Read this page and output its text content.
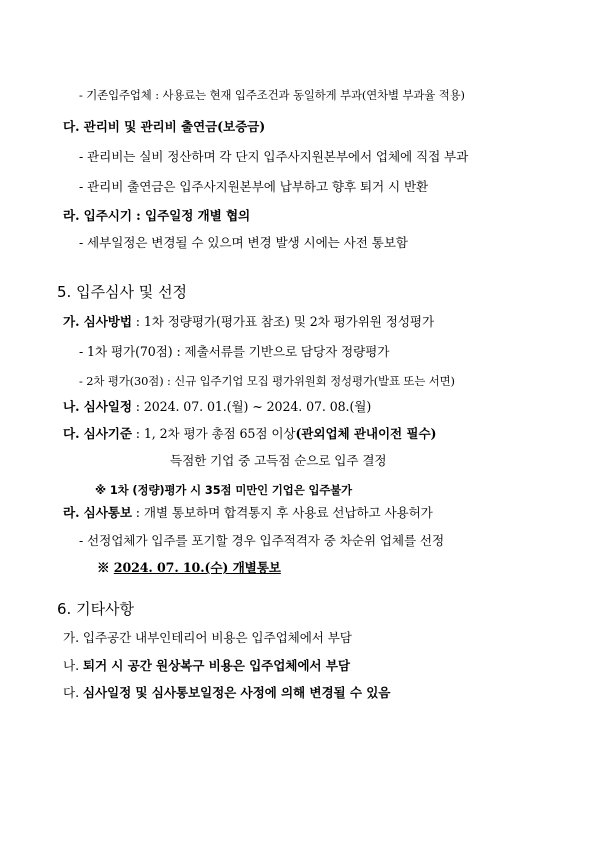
- 기존입주업체 : 사용료는 현재 입주조건과 동일하게 부과(연차별 부과율 적용)
다. 관리비 및 관리비 출연금(보증금)
- 관리비는 실비 정산하며 각 단지 입주사지원본부에서 업체에 직접 부과
- 관리비 출연금은 입주사지원본부에 납부하고 향후 퇴거 시 반환
라. 입주시기 : 입주일정 개별 협의
- 세부일정은 변경될 수 있으며 변경 발생 시에는 사전 통보함
5. 입주심사 및 선정
가. 심사방법 : 1차 정량평가(평가표 참조) 및 2차 평가위원 정성평가
- 1차 평가(70점) : 제출서류를 기반으로 담당자 정량평가
- 2차 평가(30점) : 신규 입주기업 모집 평가위원회 정성평가(발표 또는 서면)
나. 심사일정 : 2024. 07. 01.(월) ~ 2024. 07. 08.(월)
다. 심사기준 : 1, 2차 평가 총점 65점 이상(관외업체 관내이전 필수)
득점한 기업 중 고득점 순으로 입주 결정
※ 1차 (정량)평가 시 35점 미만인 기업은 입주불가
라. 심사통보 : 개별 통보하며 합격통지 후 사용료 선납하고 사용허가
- 선정업체가 입주를 포기할 경우 입주적격자 중 차순위 업체를 선정
※ 2024. 07. 10.(수) 개별통보
6. 기타사항
가. 입주공간 내부인테리어 비용은 입주업체에서 부담
나. 퇴거 시 공간 원상복구 비용은 입주업체에서 부담
다. 심사일정 및 심사통보일정은 사정에 의해 변경될 수 있음
